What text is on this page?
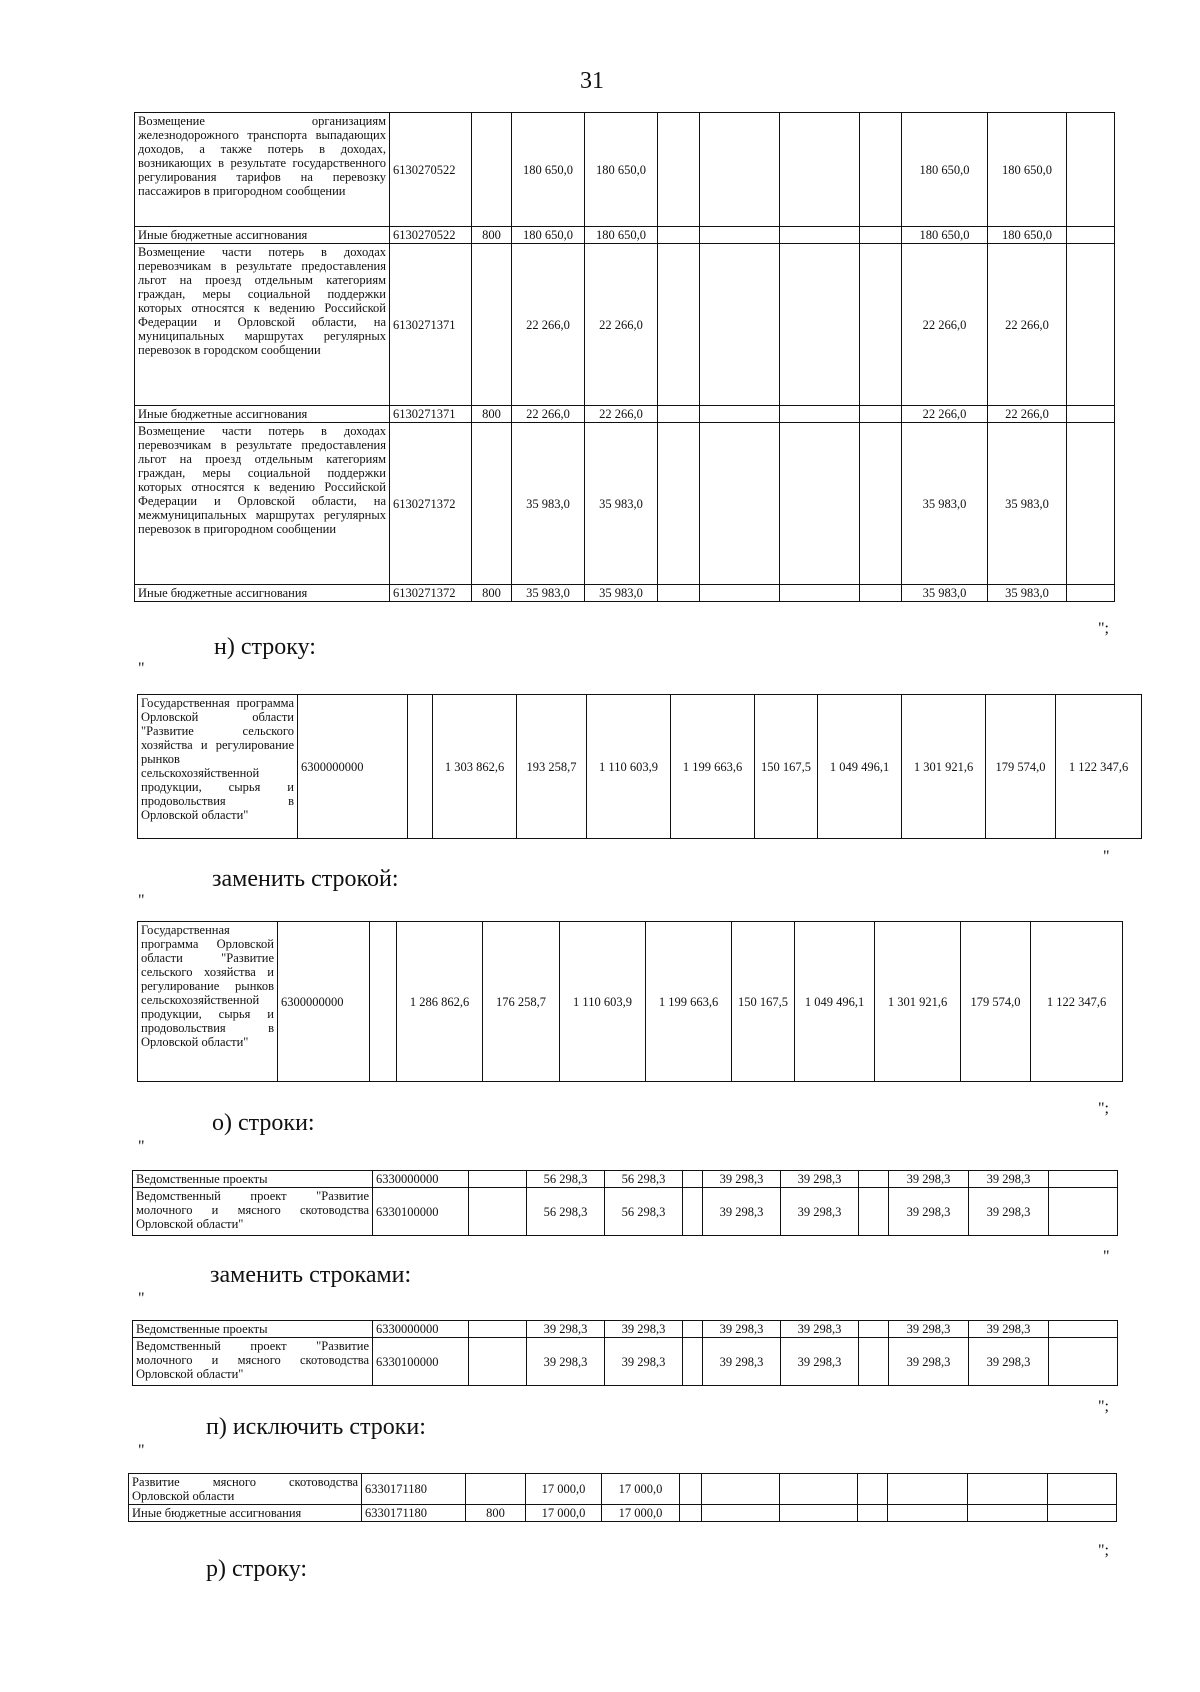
31
Возмещение организациям железнодорожного транспорта выпадающих доходов, а также потерь в доходах, возникающих в результате государственного регулирования тарифов на перевозку пассажиров в пригородном сообщении	6130270522		180 650,0	180 650,0					180 650,0	180 650,0	
Иные бюджетные ассигнования	6130270522	800	180 650,0	180 650,0					180 650,0	180 650,0	
Возмещение части потерь в доходах перевозчикам в результате предоставления льгот на проезд отдельным категориям граждан, меры социальной поддержки которых относятся к ведению Российской Федерации и Орловской области, на муниципальных маршрутах регулярных перевозок в городском сообщении	6130271371		22 266,0	22 266,0					22 266,0	22 266,0	
Иные бюджетные ассигнования	6130271371	800	22 266,0	22 266,0					22 266,0	22 266,0	
Возмещение части потерь в доходах перевозчикам в результате предоставления льгот на проезд отдельным категориям граждан, меры социальной поддержки которых относятся к ведению Российской Федерации и Орловской области, на межмуниципальных маршрутах регулярных перевозок в пригородном сообщении	6130271372		35 983,0	35 983,0					35 983,0	35 983,0	
Иные бюджетные ассигнования	6130271372	800	35 983,0	35 983,0					35 983,0	35 983,0	
";
"
н) строку:
Государственная программа Орловской области "Развитие сельского хозяйства и регулирование рынков сельскохозяйственной продукции, сырья и продовольствия в Орловской области"	6300000000		1 303 862,6	193 258,7	1 110 603,9	1 199 663,6	150 167,5	1 049 496,1	1 301 921,6	179 574,0	1 122 347,6
"
"
заменить строкой:
Государственная программа Орловской области "Развитие сельского хозяйства и регулирование рынков сельскохозяйственной продукции, сырья и продовольствия в Орловской области"	6300000000		1 286 862,6	176 258,7	1 110 603,9	1 199 663,6	150 167,5	1 049 496,1	1 301 921,6	179 574,0	1 122 347,6
";
"
о) строки:
Ведомственные проекты	6330000000		56 298,3	56 298,3		39 298,3	39 298,3		39 298,3	39 298,3	
Ведомственный проект "Развитие молочного и мясного скотоводства Орловской области"	6330100000		56 298,3	56 298,3		39 298,3	39 298,3		39 298,3	39 298,3	
"
"
заменить строками:
Ведомственные проекты	6330000000		39 298,3	39 298,3		39 298,3	39 298,3		39 298,3	39 298,3	
Ведомственный проект "Развитие молочного и мясного скотоводства Орловской области"	6330100000		39 298,3	39 298,3		39 298,3	39 298,3		39 298,3	39 298,3	
";
"
п) исключить строки:
Развитие мясного скотоводства Орловской области	6330171180		17 000,0	17 000,0							
Иные бюджетные ассигнования	6330171180	800	17 000,0	17 000,0							
";
р) строку:
